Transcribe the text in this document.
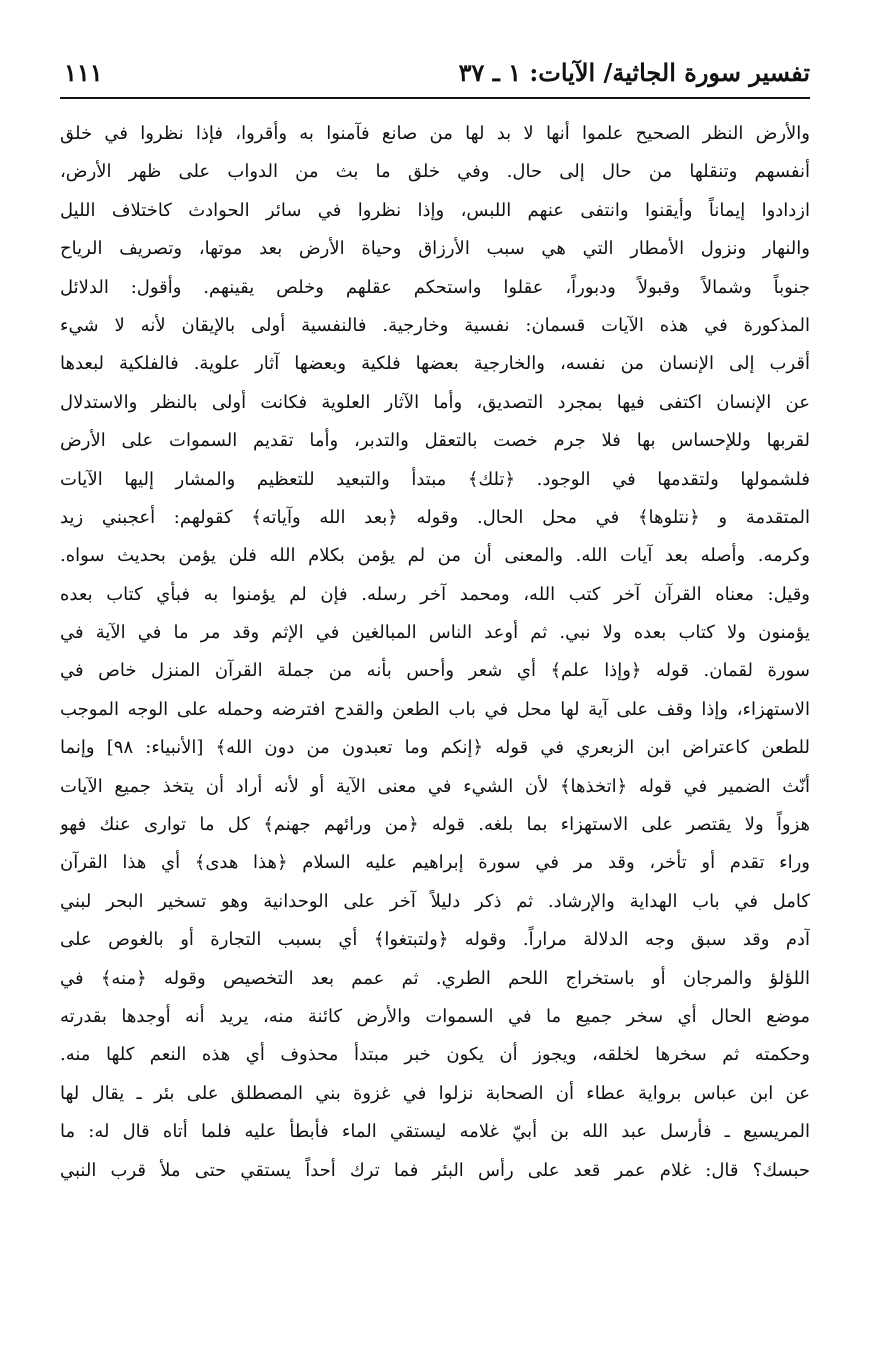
تفسير سورة الجاثية/ الآيات: ١ ـ ٣٧
١١١
والأرض النظر الصحيح علموا أنها لا بد لها من صانع فآمنوا به وأقروا، فإذا نظروا في خلق
أنفسهم وتنقلها من حال إلى حال. وفي خلق ما بث من الدواب على ظهر الأرض،
ازدادوا إيماناً وأيقنوا وانتفى عنهم اللبس، وإذا نظروا في سائر الحوادث كاختلاف الليل
والنهار ونزول الأمطار التي هي سبب الأرزاق وحياة الأرض بعد موتها، وتصريف الرياح
جنوباً وشمالاً وقبولاً ودبوراً، عقلوا واستحكم عقلهم وخلص يقينهم. وأقول: الدلائل
المذكورة في هذه الآيات قسمان: نفسية وخارجية. فالنفسية أولى بالإيقان لأنه لا شيء
أقرب إلى الإنسان من نفسه، والخارجية بعضها فلكية وبعضها آثار علوية. فالفلكية لبعدها
عن الإنسان اكتفى فيها بمجرد التصديق، وأما الآثار العلوية فكانت أولى بالنظر والاستدلال
لقربها وللإحساس بها فلا جرم خصت بالتعقل والتدبر، وأما تقديم السموات على الأرض
فلشمولها ولتقدمها في الوجود. ﴿تلك﴾ مبتدأ والتبعيد للتعظيم والمشار إليها الآيات
المتقدمة و ﴿نتلوها﴾ في محل الحال. وقوله ﴿بعد الله وآياته﴾ كقولهم: أعجبني زيد
وكرمه. وأصله بعد آيات الله. والمعنى أن من لم يؤمن بكلام الله فلن يؤمن بحديث سواه.
وقيل: معناه القرآن آخر كتب الله، ومحمد آخر رسله. فإن لم يؤمنوا به فبأي كتاب بعده
يؤمنون ولا كتاب بعده ولا نبي. ثم أوعد الناس المبالغين في الإثم وقد مر ما في الآية في
سورة لقمان. قوله ﴿وإذا علم﴾ أي شعر وأحس بأنه من جملة القرآن المنزل خاص في
الاستهزاء، وإذا وقف على آية لها محل في باب الطعن والقدح افترضه وحمله على الوجه الموجب
للطعن كاعتراض ابن الزبعري في قوله ﴿إنكم وما تعبدون من دون الله﴾ [الأنبياء: ٩٨] وإنما
أنّث الضمير في قوله ﴿اتخذها﴾ لأن الشيء في معنى الآية أو لأنه أراد أن يتخذ جميع الآيات
هزواً ولا يقتصر على الاستهزاء بما بلغه. قوله ﴿من ورائهم جهنم﴾ كل ما توارى عنك فهو
وراء تقدم أو تأخر، وقد مر في سورة إبراهيم عليه السلام ﴿هذا هدى﴾ أي هذا القرآن
كامل في باب الهداية والإرشاد. ثم ذكر دليلاً آخر على الوحدانية وهو تسخير البحر لبني
آدم وقد سبق وجه الدلالة مراراً. وقوله ﴿ولتبتغوا﴾ أي بسبب التجارة أو بالغوص على
اللؤلؤ والمرجان أو باستخراج اللحم الطري. ثم عمم بعد التخصيص وقوله ﴿منه﴾ في
موضع الحال أي سخر جميع ما في السموات والأرض كائنة منه، يريد أنه أوجدها بقدرته
وحكمته ثم سخرها لخلقه، ويجوز أن يكون خبر مبتدأ محذوف أي هذه النعم كلها منه.
عن ابن عباس برواية عطاء أن الصحابة نزلوا في غزوة بني المصطلق على بئر ـ يقال لها
المريسيع ـ فأرسل عبد الله بن أبيّ غلامه ليستقي الماء فأبطأ عليه فلما أتاه قال له: ما
حبسك؟ قال: غلام عمر قعد على رأس البئر فما ترك أحداً يستقي حتى ملأ قرب النبي
